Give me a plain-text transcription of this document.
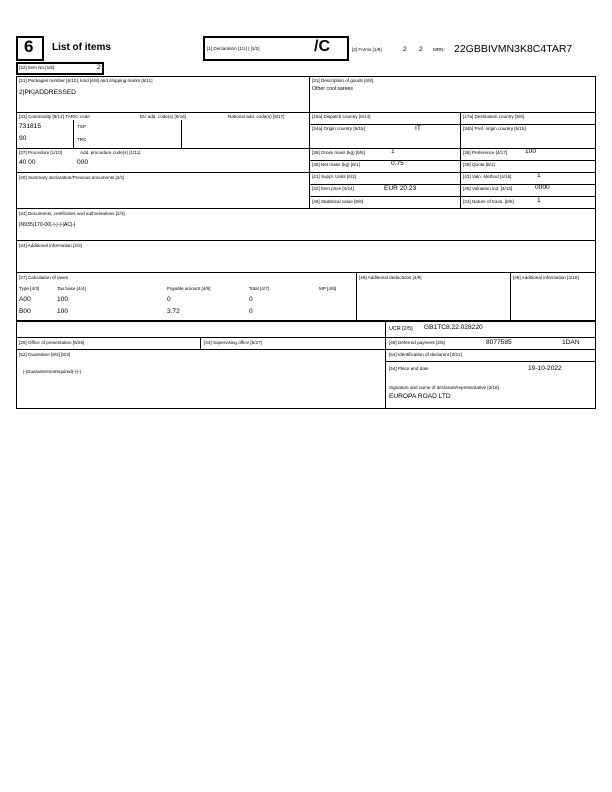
6 List of items	[1] Declaration [1/1] | [1/2]	/C	[3] Forms [1/8]	2 2 MRN: 22GBBIVMN3K8C4TAR7
[32] Item No [1/6]	2
[31] Packages number [6/10], kind [6/9] and shipping marks [6/11]
2|PK|ADDRESSED
[31] Description of goods [6/8]
Other cool sarees
[33] Commodity [6/14] TARIC code	EU add. code(s) [6/16]	National add. code(s) [6/17]
731815
90
TSP
TRC
[15a] Dispatch country [5/14]	[17a] Destination country [5/8]
[34a] Origin country [5/15]	IT	[34b] Pref. origin country [5/16]
[37] Procedure [1/10]	Add. procedure code(s) [1/11]
40 00	000
[35] Gross mass (kg) [6/5]	1	[36] Preference [4/17]	100
[38] Net mass (kg) [6/1]	0.75	[39] Quota [8/1]
[40] Summary declaration/Previous documents [2/1]	[41] Suppl. Units [6/2]	[43] Valn. Method [4/16]	1
[42] Item price [4/14]	EUR 20.23	[45] Valuation ind. [4/13]	0000
[46] Statistical value [8/6]	[24] Nature of trans. [8/5]	1
[44] Documents, certificates and authorisations [2/3]
|N935|170-00|-|-|-|-|AC|-|
[44] Additional information [2/2]
[47] Calculation of taxes
Type [4/3]	Tax base [4/4]	Payable amount [4/6]	Total [4/7]	MP [4/8]
A00	100	0	0
B00	100	3.72	0
[48] Additional deductions [4/9]	[49] Additional information [4/10]
UCR [2/5] GB1TC8.22.028220
[29] Office of presentation [5/26]	[44] Supervising office [5/27]	[48] Deferred payment [2/6]	8077585	1DAN
[52] Guarantee [8/2] [8/3]
|-|Guaranteenotrequired|-|-|-|
[54] Identification of declarant [3/21]
[54] Place and date	19-10-2022
Signature and name of declarant/representative [3/18]
EUROPA ROAD LTD
